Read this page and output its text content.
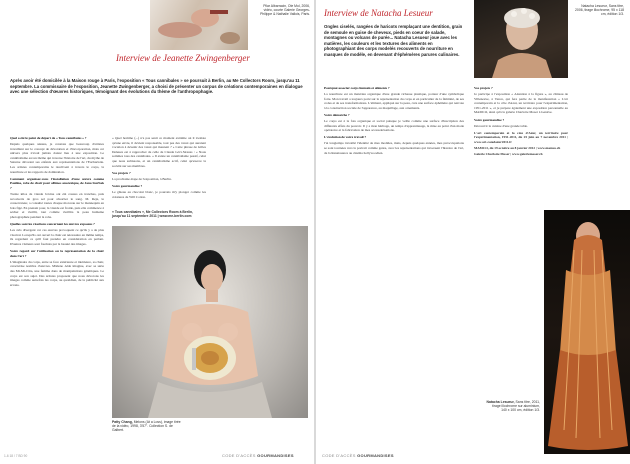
Pilar Albarracin, Ole Mol, 2006, vidéo, courte Galerie Georges-Philippe & Nathalie Vallois, Paris.
Interview de Jeanette Zwingenberger
Après avoir été domicilée à la Maison rouge à Paris, l'exposition « Tous cannibales » se poursuit à Berlin, au Me Collectors Room, jusqu'au 11 septembre. La commissaire de l'exposition, Jeanette Zwingenberger, a choisi de présenter un corpus de créations contemporaines en dialogue avec une sélection d'œuvres historiques, témoignant des évolutions du thème de l'anthropophagie.

Quel a été le point de départ de « Tous cannibales » ?

Depuis quelques années, je constate que beaucoup d'artistes travaillent sur le concept de dévoration et d'incorporation, mais cet univers plus n'avait jamais donné lieu à une exposition. Le cannibalisme est un thème qui traverse l'histoire de l'art, du mythe de Saturne dévorant ses enfants aux représentations de l'Eucharistie. Les artistes contemporains le réactivent à travers le corps, la nourriture et les rapports de domination.

Comment organisez-vous l'installation d'une œuvre comme Paulina, robe de chair pour albinos anorexique, de Jana Sterbak ?

Trente kilos de viande bovine ont été cousus en tranches, puis recouverts de gros sel pour absorber le sang. M. Reja, le conservateur, a consulté toutes chaque morceau sur le mannequin en bois figé. En prenant pour, la viande est froide, puis elle commence à sécher et vieillit, tout comme vieillira la peau humaine photographiée pendant la robe.

Quelles sont les réactions concernant les œuvres exposées ?

Les avis divergent car ces œuvres provoquent ce qu'ils y a de plus viscéral. Lorsqu'ils ont ouvert la chair est nécessaire en même temps, ils regardent ce qu'il faut prendre en considération en parlant. D'autres visiteurs sont fascinés par la beauté des images.

Votre regard sur l'utilisation ou la représentation de la chair dans l'art ?

L'imaginaire du corps, entre sa face extérieure et intérieure, sa chair, caractérise nombre d'œuvres. Mâdeno Alda imagine, avec sa série des Mi-Mi-Câra, une femme dans de manipulations génétiques. Le corps est son sujet. Des artistes proposent que nous dévorons les images comme autrefois les corps, au quotidien, de la publicité aux écrans.

« Quel homme (...) n'a pas senti ce moment extrême où il n'existe qu'une envie, il devient responsable, tout pas des vœux qui auraient vocation à devenir des vœux qui meurent ? » Cette phrase de Gilles Deleuze est à rapprocher de celle de Claude Lévi-Strauss : « Nous sommes tous des cannibales. » Il existe un cannibalisme passif, celui que nous subissons, et un cannibalisme actif, celui qu'exerce la société sur ses membres.

Vos projets ?

La prochaine étape de l'exposition, à Berlin.

Votre gourmandise ?

Le gâteau au chocolat blanc, je pourrais m'y plonger comme les créatures de Will Cotton.

« Tous cannibales », Me Collectors Room à Berlin, jusqu'au 11 septembre 2011 | www.me-berlin.com
Patty Chang, Melons (At a Loss), image tirée de la vidéo, 1998, 3'57". Collection S. de Galbert.
1-6 18 / 7 BD 90	CODE D'ACCÈS GOURMANDISES
Interview de Natacha Lesueur
Ongles ciselés, rangées de haricots remplaçant une dentition, grain de semoule en guise de cheveux, pieds en coeur de salade, montagnes ou volcans de purée... Natacha Lesueur joue avec les matières, les couleurs et les textures des aliments en photographiant des corps modelés recouverts de nourriture en masques de modèle, en devenant d'éphémères parures culinaires.
Natacha Lesueur, Sans titre, 2006, tirage illochrome, 95 x 118 cm, édition 1/3.

Pourquoi associer corps humain et aliments ?

La nourriture est un matériau organique d'une grande richesse plastique, porteur d'une symbolique forte. Mon travail a toujours porté sur la représentation du corps et en particulier de la féminité, de ses codes et de ses transformations. L'aliment, appliqué sur la peau, crée une surface éphémère qui renvoie à la construction sociale de l'apparence, au maquillage, aux ornements.

Votre démarche ?

Le corps est à la fois organique et social puisque je veille comme une surface d'inscription des différents effets du pouvoir. Il y a mon héritage, un temps d'apprentissage, la mise au point d'un mode opératoire et la fabrication de mes accessoirisations.

L'évolution de votre travail ?

J'ai longtemps travaillé l'identité de mes modèles, mais, depuis quelques années, mes préoccupations se sont tournées vers la portrait comme genre, avec les représentations qui traversent l'histoire de l'art, de la Renaissance au cinéma hollywoodien.

Vos projets ?

Je participe à l'exposition « Attention à la figure », au château de Villeneuve, à Vence, qui fera partie de la manifestation « L'art contemporain et la côte d'Azur, un territoire pour l'expérimentation, 1951-2011 », et je prépare également une exposition personnelle au MAMCO, ainsi qu'à la galerie Charlotte Moser à Genève.

Votre gourmandise ?

Découvrir la cuisine d'une grande table.

L'art contemporain et la côte d'Azur, un territoire pour l'expérimentation, 1951-2011, du 25 juin au 7 novembre 2011 | www.art-cotedazur2011.fr

MAMCO, du 19 octobre au 8 janvier 2012 | www.mamco.ch

Galerie Charlotte Moser | www.galeriemoser.ch

Natacha Lesueur, Sans titre, 2011, tirage illochrome sur aluminium, 140 x 100 cm, édition 1/3.
CODE D'ACCÈS GOURMANDISES
